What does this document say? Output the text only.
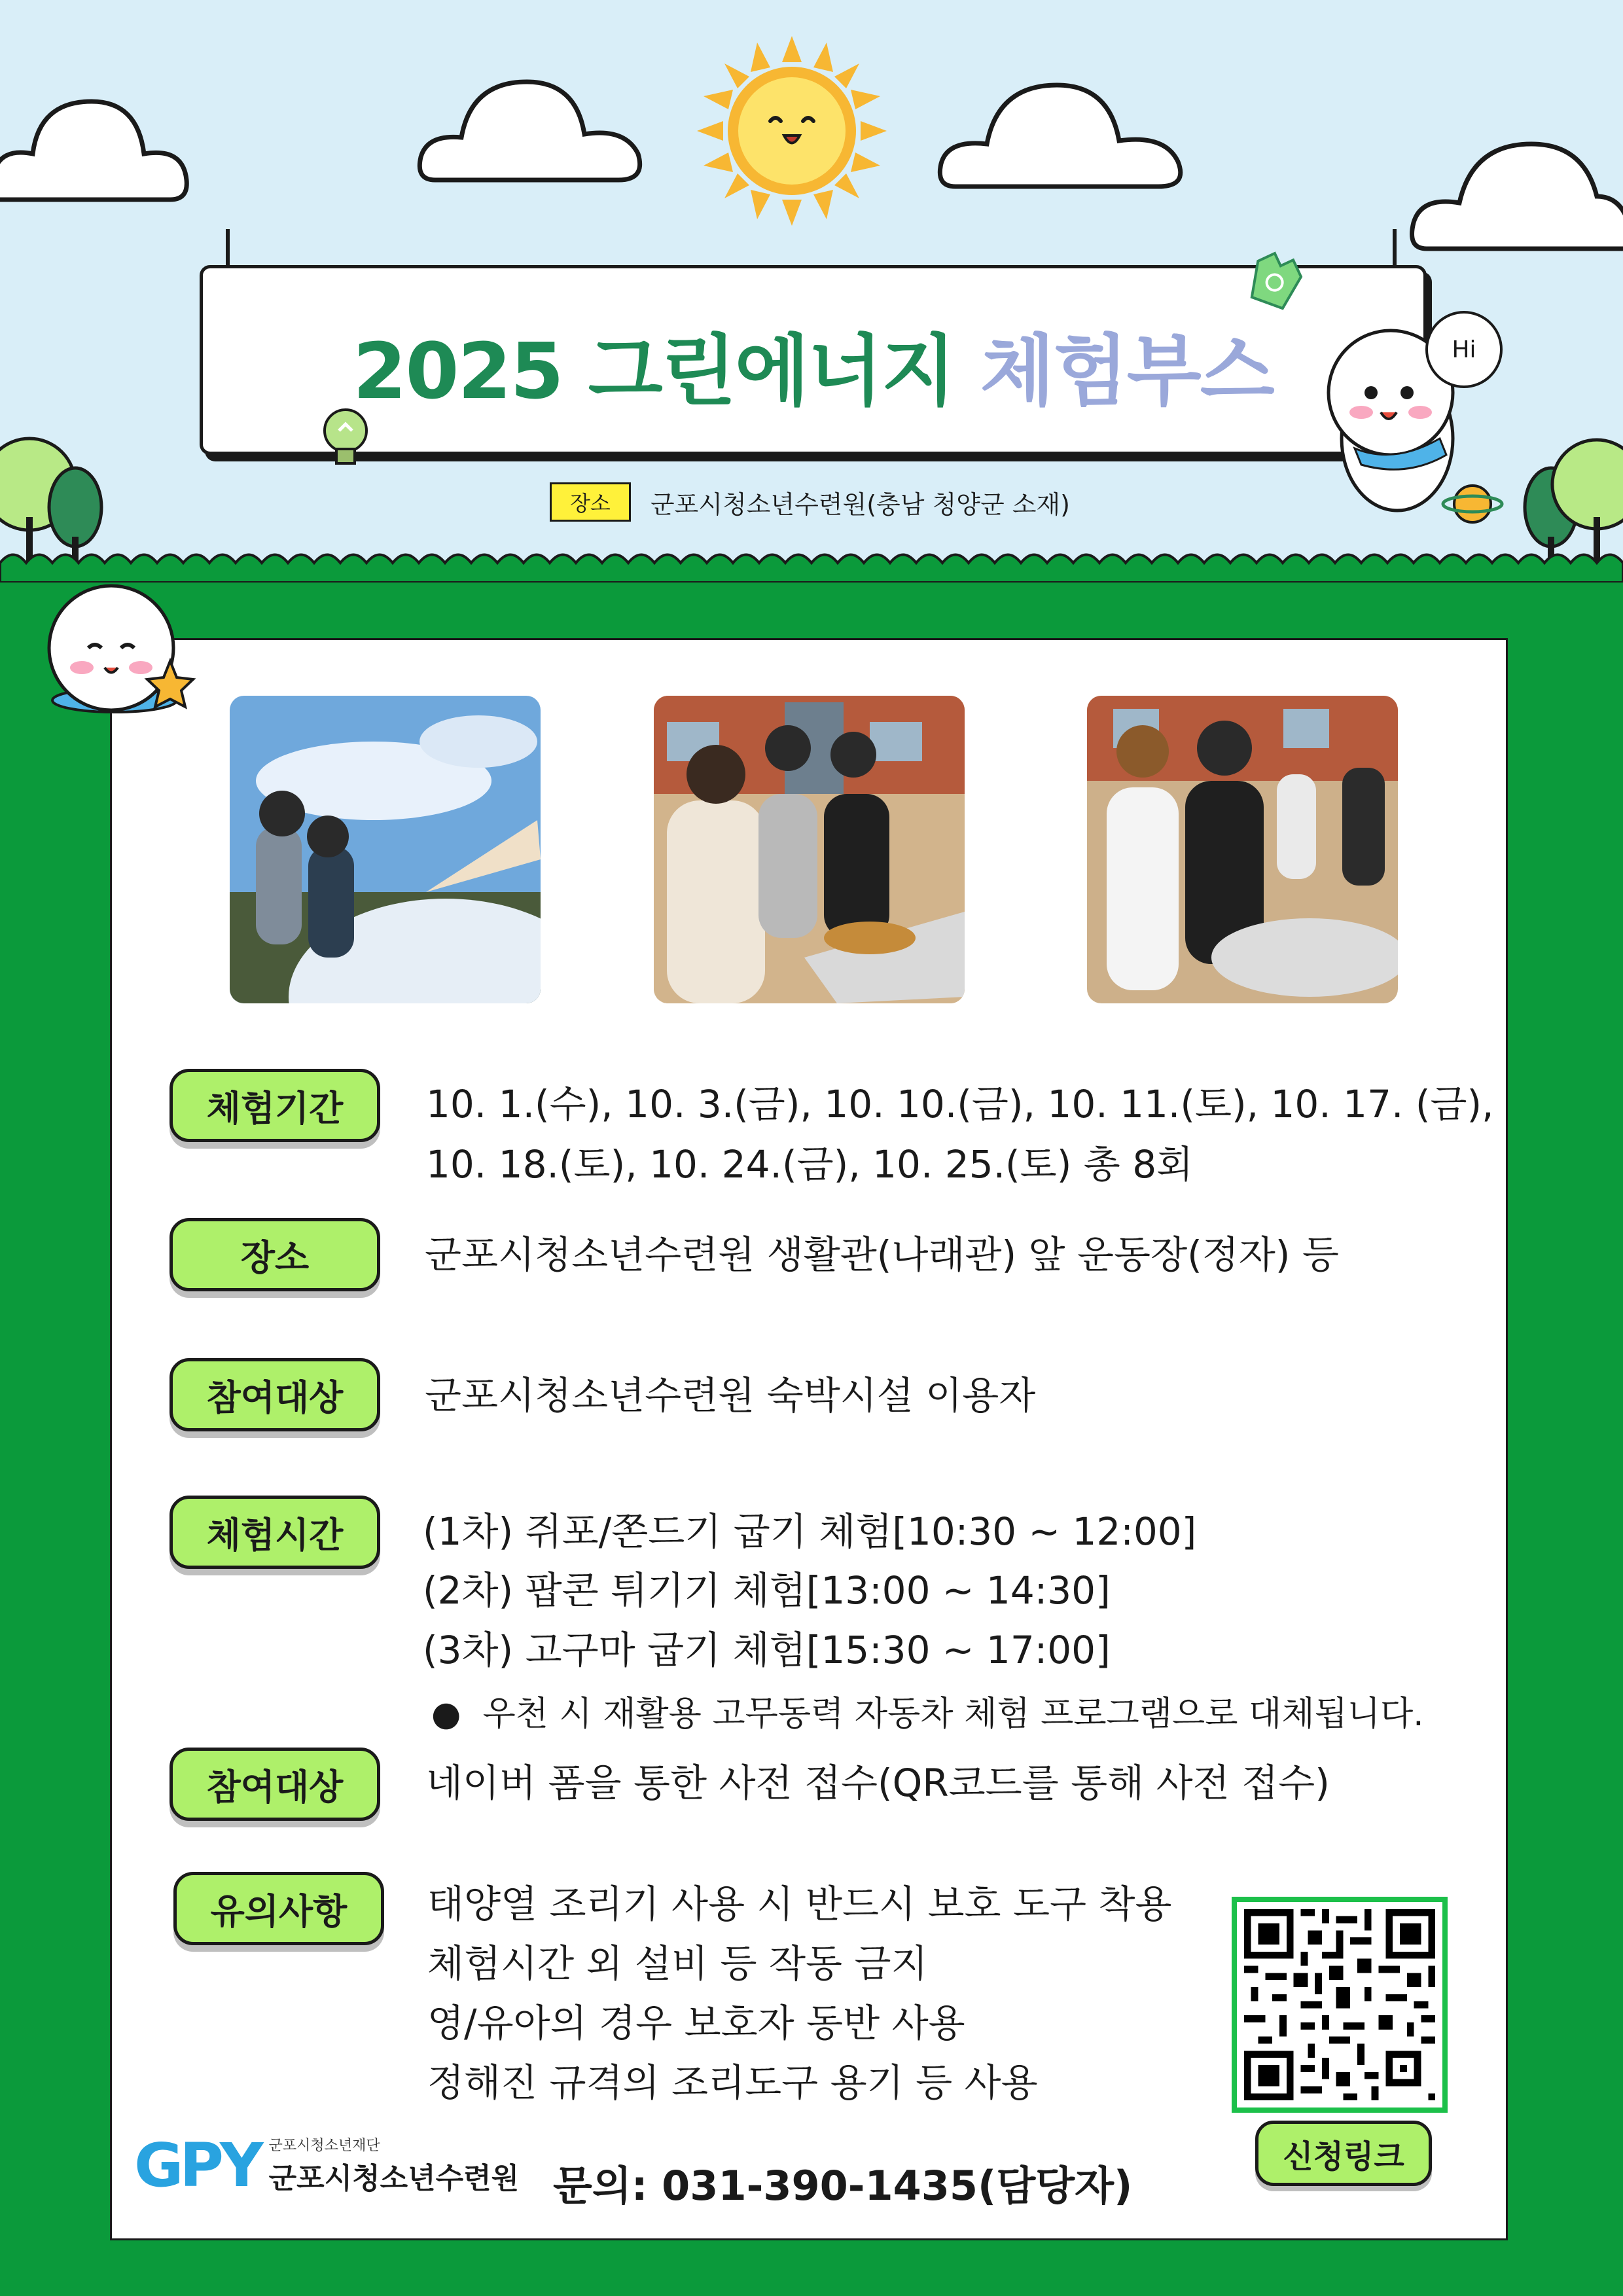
2025 그린에너지 체험부스
장소	군포시청소년수련원(충남 청양군 소재)
Hi
체험기간	10. 1.(수), 10. 3.(금), 10. 10.(금), 10. 11.(토), 10. 17. (금),
10. 18.(토), 10. 24.(금), 10. 25.(토) 총 8회
장소	군포시청소년수련원 생활관(나래관) 앞 운동장(정자) 등
참여대상	군포시청소년수련원 숙박시설 이용자
체험시간	(1차) 쥐포/쫀드기 굽기 체험[10:30 ~ 12:00]
(2차) 팝콘 튀기기 체험[13:00 ~ 14:30]
(3차) 고구마 굽기 체험[15:30 ~ 17:00]
●  우천 시 재활용 고무동력 자동차 체험 프로그램으로 대체됩니다.
참여대상	네이버 폼을 통한 사전 접수(QR코드를 통해 사전 접수)
유의사항	태양열 조리기 사용 시 반드시 보호 도구 착용
체험시간 외 설비 등 작동 금지
영/유아의 경우 보호자 동반 사용
정해진 규격의 조리도구 용기 등 사용
신청링크
GPY 군포시청소년재단
군포시청소년수련원 문의: 031-390-1435(담당자)
